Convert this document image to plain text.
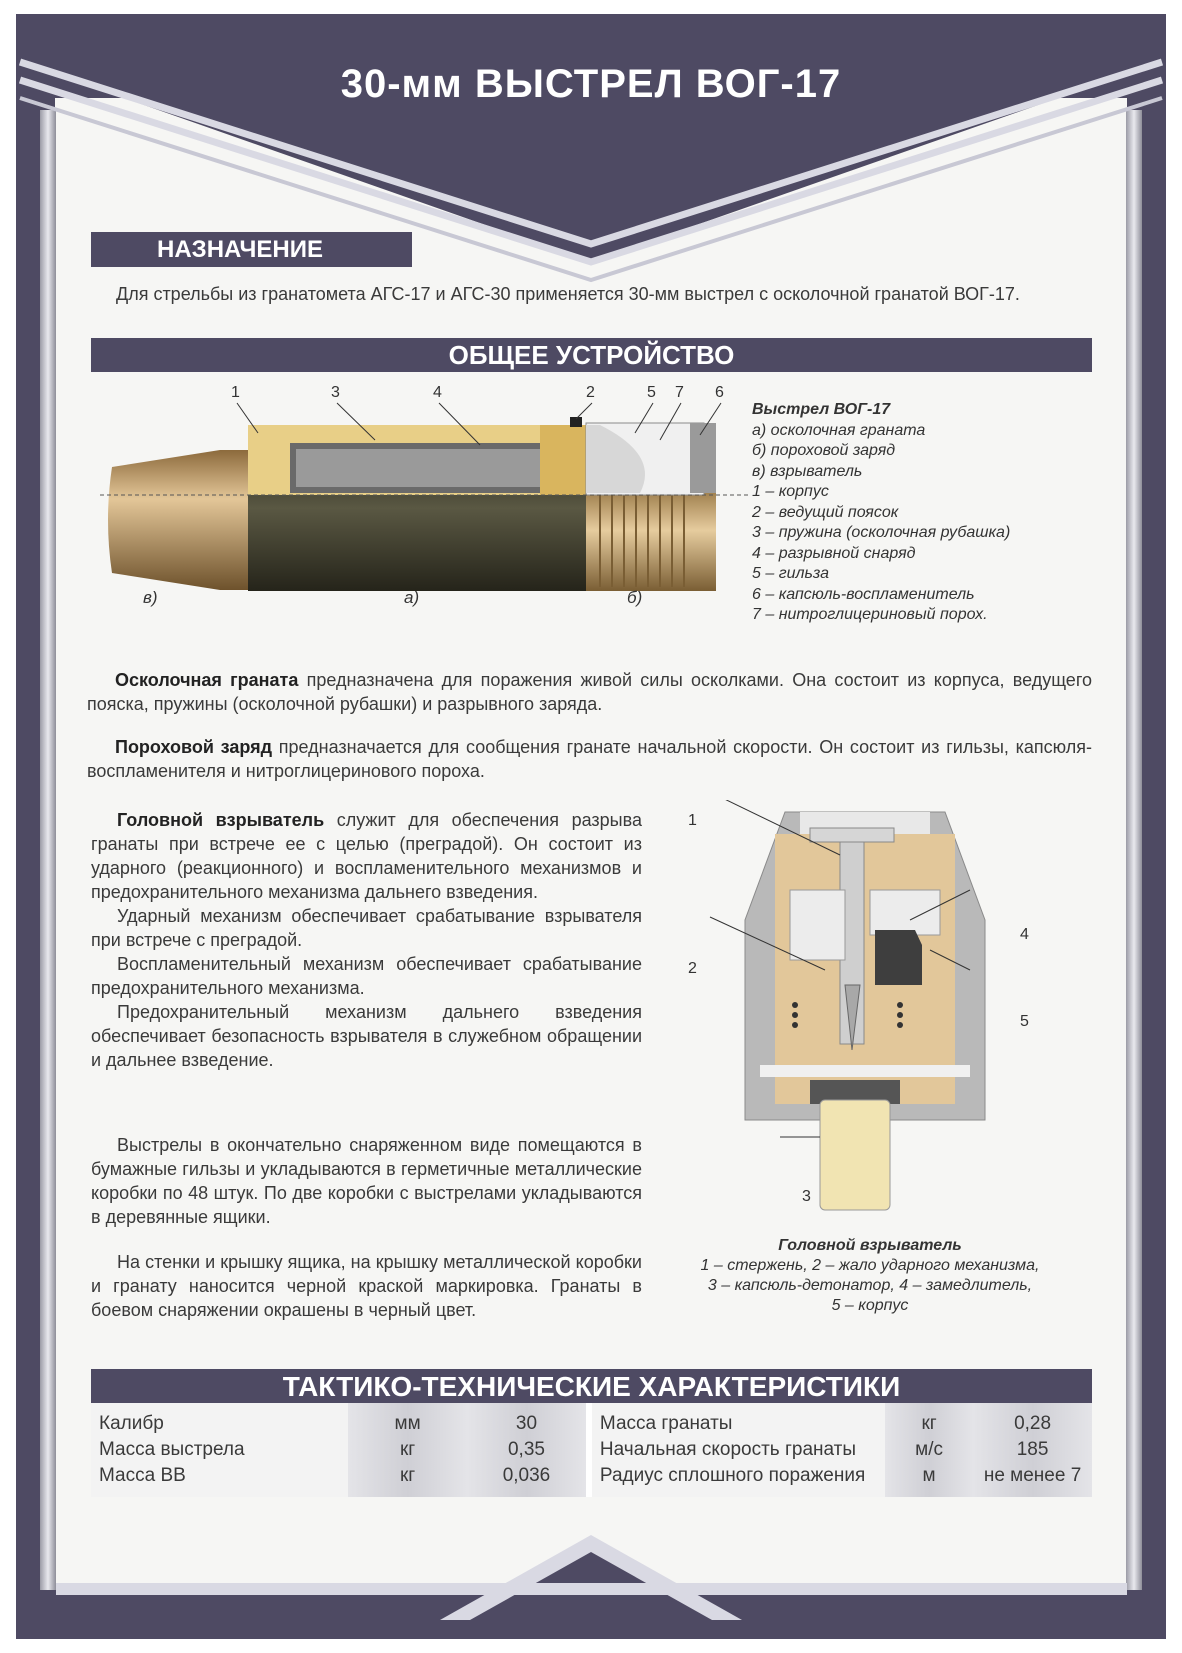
30-мм ВЫСТРЕЛ ВОГ-17
НАЗНАЧЕНИЕ
Для стрельбы из гранатомета АГС-17 и АГС-30 применяется 30-мм выстрел с осколочной гранатой ВОГ-17.
ОБЩЕЕ УСТРОЙСТВО
1	3	4	2	5 7 6
в)	а)	б)
Выстрел ВОГ-17
а) осколочная граната
б) пороховой заряд
в) взрыватель
1 – корпус
2 – ведущий поясок
3 – пружина (осколочная рубашка)
4 – разрывной снаряд
5 – гильза
6 – капсюль-воспламенитель
7 – нитроглицериновый порох.
Осколочная граната предназначена для поражения живой силы осколками. Она состоит из корпуса, ведущего пояска, пружины (осколочной рубашки) и разрывного заряда.
Пороховой заряд предназначается для сообщения гранате начальной скорости. Он состоит из гильзы, капсюля-воспламенителя и нитроглицеринового пороха.
Головной взрыватель служит для обеспечения разрыва гранаты при встрече ее с целью (преградой). Он состоит из ударного (реакционного) и воспламенительного механизмов и предохранительного механизма дальнего взведения.
Ударный механизм обеспечивает срабатывание взрывателя при встрече с преградой.
Воспламенительный механизм обеспечивает срабатывание предохранительного механизма.
Предохранительный механизм дальнего взведения обеспечивает безопасность взрывателя в служебном обращении и дальнее взведение.
Выстрелы в окончательно снаряженном виде помещаются в бумажные гильзы и укладываются в герметичные металлические коробки по 48 штук. По две коробки с выстрелами укладываются в деревянные ящики.
На стенки и крышку ящика, на крышку металлической коробки и гранату наносится черной краской маркировка. Гранаты в боевом снаряжении окрашены в черный цвет.
1
2
4
5
3
Головной взрыватель
1 – стержень, 2 – жало ударного механизма,
3 – капсюль-детонатор, 4 – замедлитель,
5 – корпус
ТАКТИКО-ТЕХНИЧЕСКИЕ ХАРАКТЕРИСТИКИ
Калибр	мм	30	Масса гранаты	кг	0,28
Масса выстрела	кг	0,35	Начальная скорость гранаты	м/с	185
Масса ВВ	кг	0,036	Радиус сплошного поражения	м	не менее 7
